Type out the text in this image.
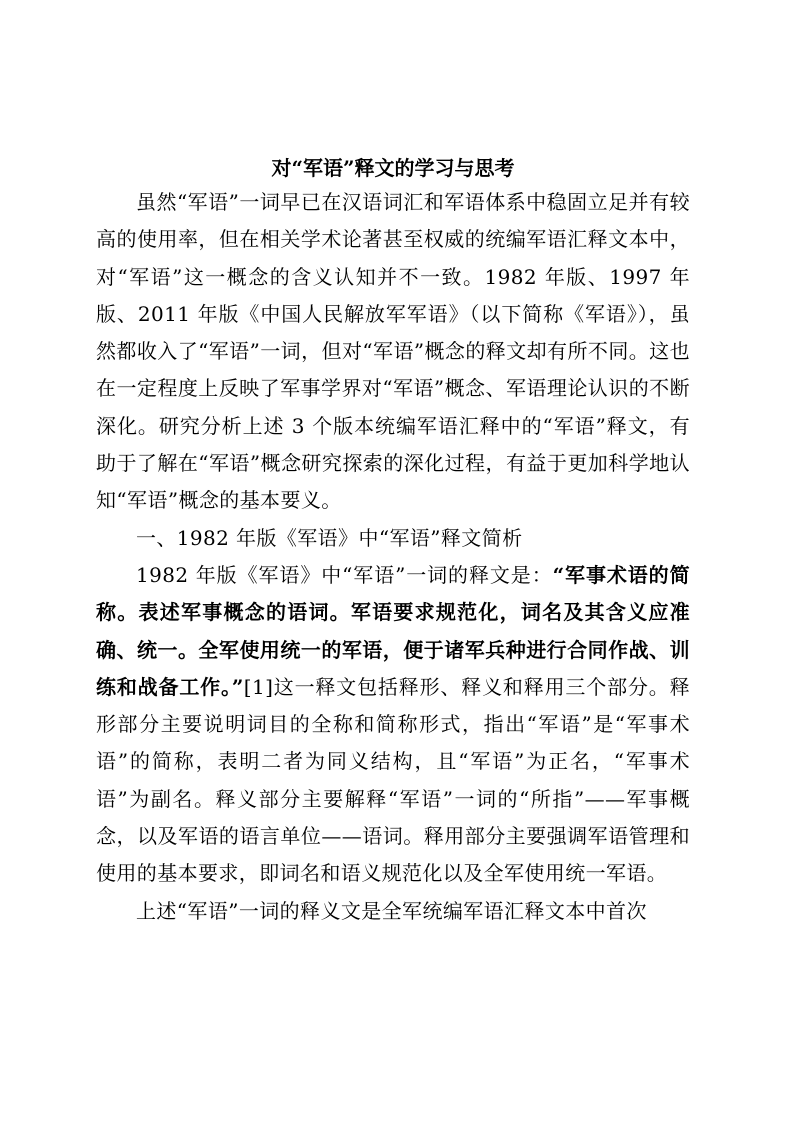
对“军语”释文的学习与思考

虽然“军语”一词早已在汉语词汇和军语体系中稳固立足并有较高的使用率，但在相关学术论著甚至权威的统编军语汇释文本中，对“军语”这一概念的含义认知并不一致。1982 年版、1997 年版、2011 年版《中国人民解放军军语》（以下简称《军语》），虽然都收入了“军语”一词，但对“军语”概念的释文却有所不同。这也在一定程度上反映了军事学界对“军语”概念、军语理论认识的不断深化。研究分析上述 3 个版本统编军语汇释中的“军语”释文，有助于了解在“军语”概念研究探索的深化过程，有益于更加科学地认知“军语”概念的基本要义。

一、1982 年版《军语》中“军语”释文简析

1982 年版《军语》中“军语”一词的释文是：“军事术语的简称。表述军事概念的语词。军语要求规范化，词名及其含义应准确、统一。全军使用统一的军语，便于诸军兵种进行合同作战、训练和战备工作。”[1]这一释文包括释形、释义和释用三个部分。释形部分主要说明词目的全称和简称形式，指出“军语”是“军事术语”的简称，表明二者为同义结构，且“军语”为正名，“军事术语”为副名。释义部分主要解释“军语”一词的“所指”——军事概念，以及军语的语言单位——语词。释用部分主要强调军语管理和使用的基本要求，即词名和语义规范化以及全军使用统一军语。

上述“军语”一词的释义文是全军统编军语汇释文本中首次
